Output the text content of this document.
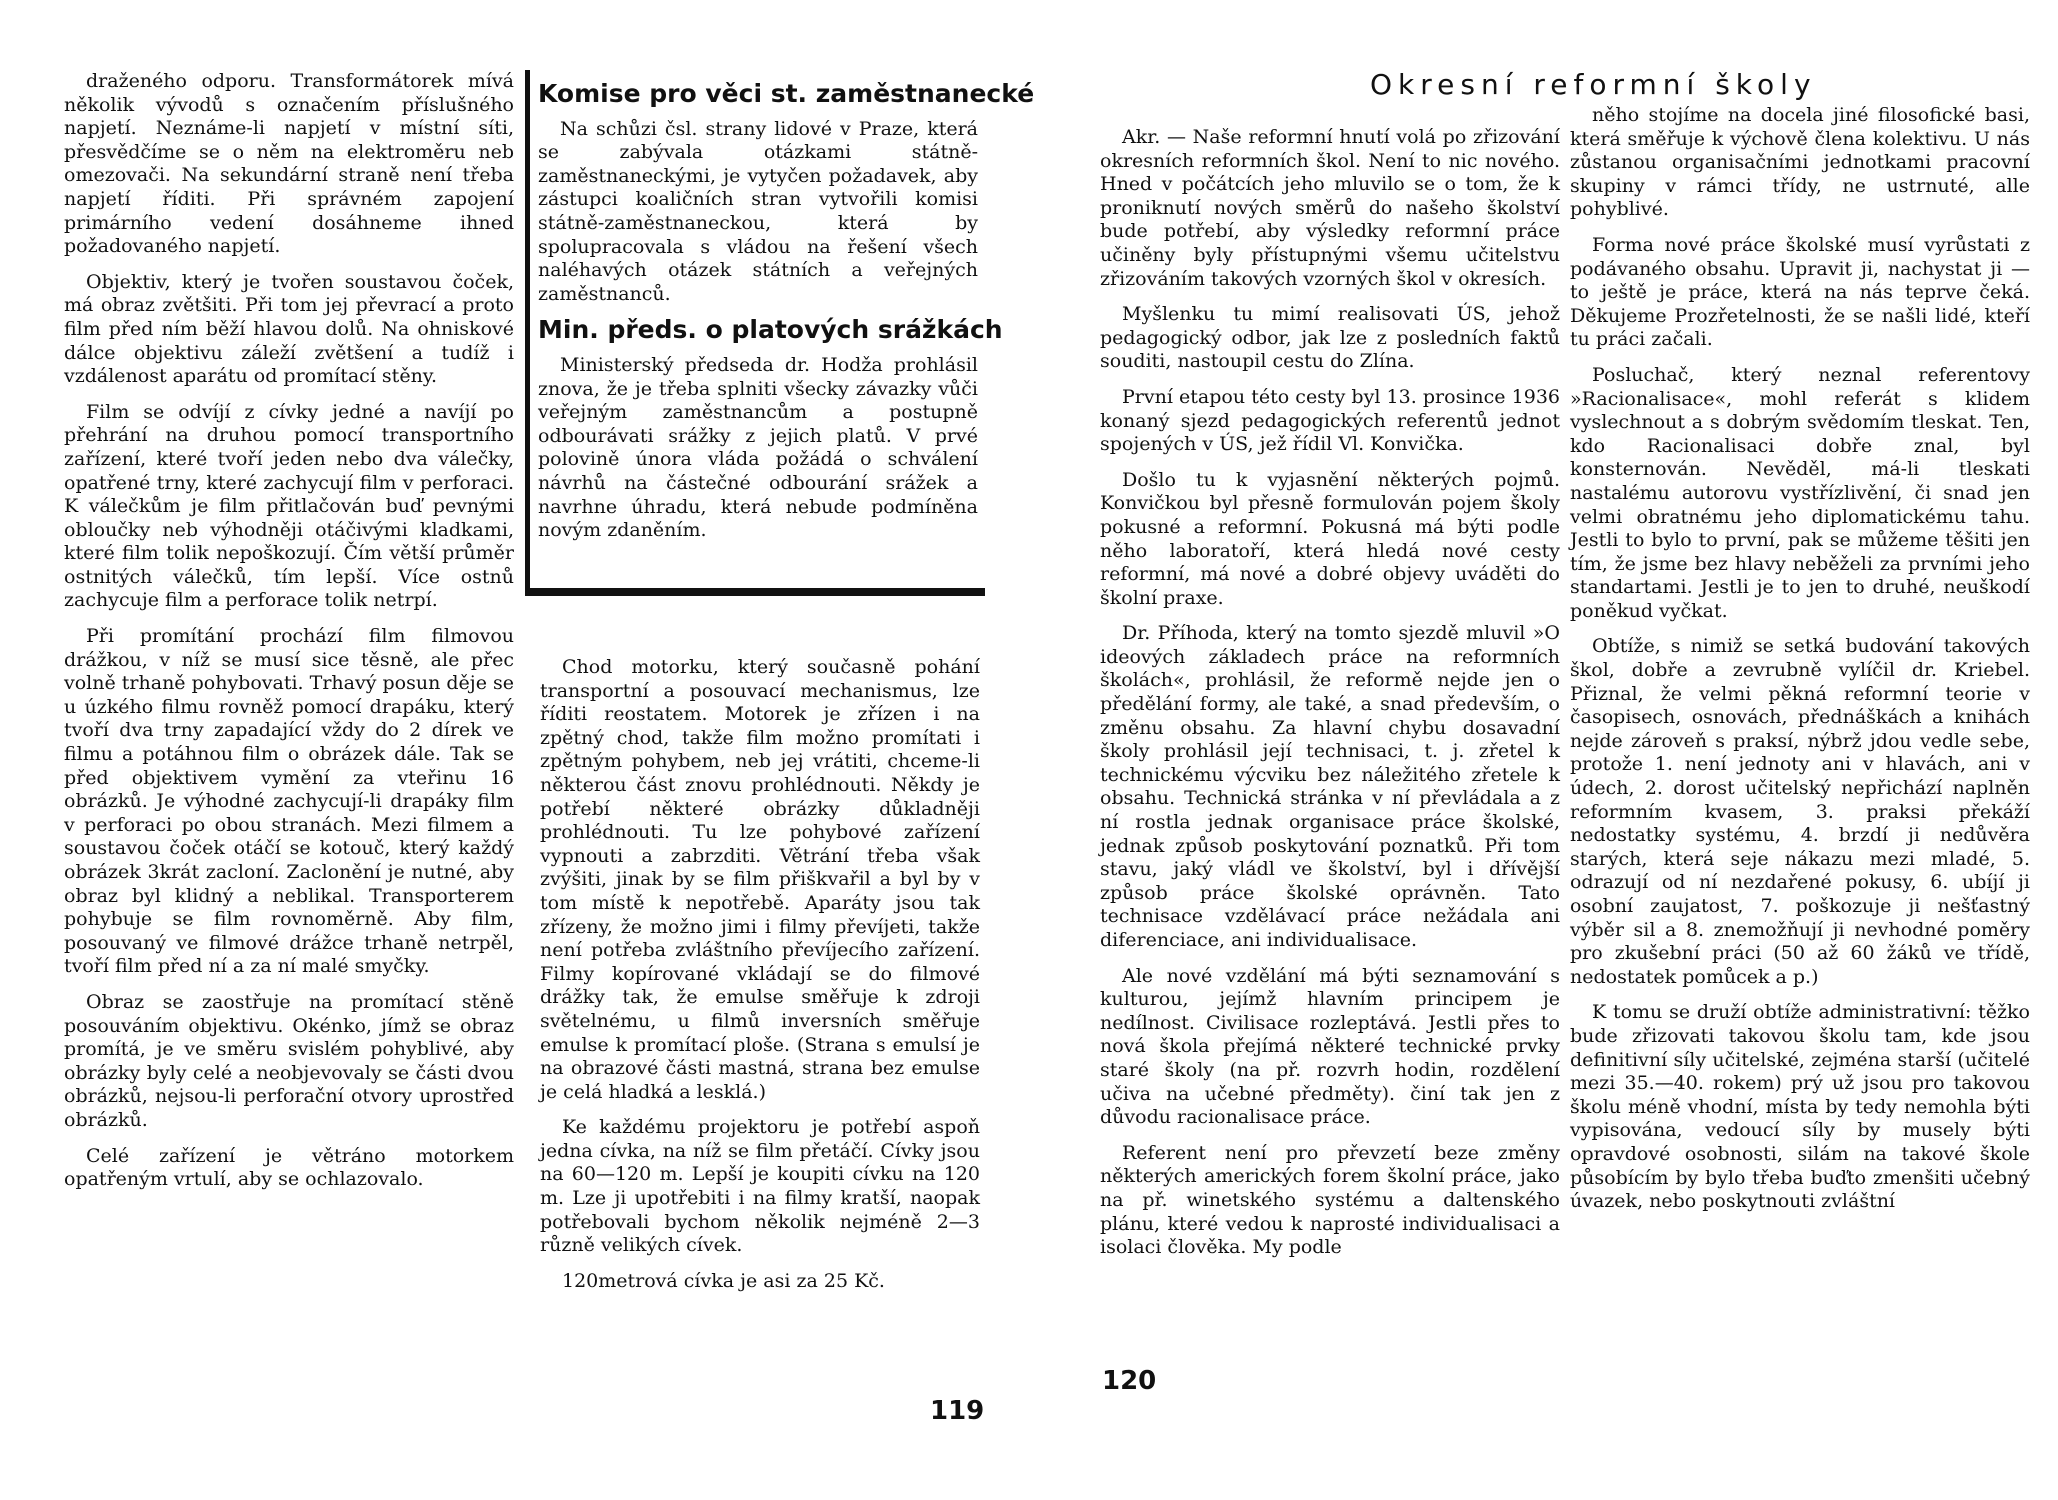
draženého odporu. Transformátorek mívá několik vývodů s označením příslušného napjetí. Neznáme-li napjetí v místní síti, přesvědčíme se o něm na elektroměru neb omezovači. Na sekundární straně není třeba napjetí říditi. Při správném zapojení primárního vedení dosáhneme ihned požadovaného napjetí.

Objektiv, který je tvořen soustavou čoček, má obraz zvětšiti. Při tom jej převrací a proto film před ním běží hlavou dolů. Na ohniskové dálce objektivu záleží zvětšení a tudíž i vzdálenost aparátu od promítací stěny.

Film se odvíjí z cívky jedné a navíjí po přehrání na druhou pomocí transportního zařízení, které tvoří jeden nebo dva válečky, opatřené trny, které zachycují film v perforaci. K válečkům je film přitlačován buď pevnými obloučky neb výhodněji otáčivými kladkami, které film tolik nepoškozují. Čím větší průměr ostnitých válečků, tím lepší. Více ostnů zachycuje film a perforace tolik netrpí.

Při promítání prochází film filmovou drážkou, v níž se musí sice těsně, ale přec volně trhaně pohybovati. Trhavý posun děje se u úzkého filmu rovněž pomocí drapáku, který tvoří dva trny zapadající vždy do 2 dírek ve filmu a potáhnou film o obrázek dále. Tak se před objektivem vymění za vteřinu 16 obrázků. Je výhodné zachycují-li drapáky film v perforaci po obou stranách. Mezi filmem a soustavou čoček otáčí se kotouč, který každý obrázek 3krát zacloní. Zaclonění je nutné, aby obraz byl klidný a neblikal. Transporterem pohybuje se film rovnoměrně. Aby film, posouvaný ve filmové drážce trhaně netrpěl, tvoří film před ní a za ní malé smyčky.

Obraz se zaostřuje na promítací stěně posouváním objektivu. Okénko, jímž se obraz promítá, je ve směru svislém pohyblivé, aby obrázky byly celé a neobjevovaly se části dvou obrázků, nejsou-li perforační otvory uprostřed obrázků.

Celé zařízení je větráno motorkem opatřeným vrtulí, aby se ochlazovalo.

Komise pro věci st. zaměstnanecké

Na schůzi čsl. strany lidové v Praze, která se zabývala otázkami státně-zaměstnaneckými, je vytyčen požadavek, aby zástupci koaličních stran vytvořili komisi státně-zaměstnaneckou, která by spolupracovala s vládou na řešení všech naléhavých otázek státních a veřejných zaměstnanců.

Min. předs. o platových srážkách

Ministerský předseda dr. Hodža prohlásil znova, že je třeba splniti všecky závazky vůči veřejným zaměstnancům a postupně odbourávati srážky z jejich platů. V prvé polovině února vláda požádá o schválení návrhů na částečné odbourání srážek a navrhne úhradu, která nebude podmíněna novým zdaněním.

Chod motorku, který současně pohání transportní a posouvací mechanismus, lze říditi reostatem. Motorek je zřízen i na zpětný chod, takže film možno promítati i zpětným pohybem, neb jej vrátiti, chceme-li některou část znovu prohlédnouti. Někdy je potřebí některé obrázky důkladněji prohlédnouti. Tu lze pohybové zařízení vypnouti a zabrzditi. Větrání třeba však zvýšiti, jinak by se film přiškvařil a byl by v tom místě k nepotřebě. Aparáty jsou tak zřízeny, že možno jimi i filmy převíjeti, takže není potřeba zvláštního převíjecího zařízení. Filmy kopírované vkládají se do filmové drážky tak, že emulse směřuje k zdroji světelnému, u filmů inversních směřuje emulse k promítací ploše. (Strana s emulsí je na obrazové části mastná, strana bez emulse je celá hladká a lesklá.)

Ke každému projektoru je potřebí aspoň jedna cívka, na níž se film přetáčí. Cívky jsou na 60—120 m. Lepší je koupiti cívku na 120 m. Lze ji upotřebiti i na filmy kratší, naopak potřebovali bychom několik nejméně 2—3 různě velikých cívek.

120metrová cívka je asi za 25 Kč.

119
Okresní reformní školy

Akr. — Naše reformní hnutí volá po zřizování okresních reformních škol. Není to nic nového. Hned v počátcích jeho mluvilo se o tom, že k proniknutí nových směrů do našeho školství bude potřebí, aby výsledky reformní práce učiněny byly přístupnými všemu učitelstvu zřizováním takových vzorných škol v okresích.

Myšlenku tu mimí realisovati ÚS, jehož pedagogický odbor, jak lze z posledních faktů souditi, nastoupil cestu do Zlína.

První etapou této cesty byl 13. prosince 1936 konaný sjezd pedagogických referentů jednot spojených v ÚS, jež řídil Vl. Konvička.

Došlo tu k vyjasnění některých pojmů. Konvičkou byl přesně formulován pojem školy pokusné a reformní. Pokusná má býti podle něho laboratoří, která hledá nové cesty reformní, má nové a dobré objevy uváděti do školní praxe.

Dr. Příhoda, který na tomto sjezdě mluvil »O ideových základech práce na reformních školách«, prohlásil, že reformě nejde jen o předělání formy, ale také, a snad především, o změnu obsahu. Za hlavní chybu dosavadní školy prohlásil její technisaci, t. j. zřetel k technickému výcviku bez náležitého zřetele k obsahu. Technická stránka v ní převládala a z ní rostla jednak organisace práce školské, jednak způsob poskytování poznatků. Při tom stavu, jaký vládl ve školství, byl i dřívější způsob práce školské oprávněn. Tato technisace vzdělávací práce nežádala ani diferenciace, ani individualisace.

Ale nové vzdělání má býti seznamování s kulturou, jejímž hlavním principem je nedílnost. Civilisace rozleptává. Jestli přes to nová škola přejímá některé technické prvky staré školy (na př. rozvrh hodin, rozdělení učiva na učebné předměty). činí tak jen z důvodu racionalisace práce.

Referent není pro převzetí beze změny některých amerických forem školní práce, jako na př. winetského systému a daltenského plánu, které vedou k naprosté individualisaci a isolaci člověka. My podle

něho stojíme na docela jiné filosofické basi, která směřuje k výchově člena kolektivu. U nás zůstanou organisačními jednotkami pracovní skupiny v rámci třídy, ne ustrnuté, alle pohyblivé.

Forma nové práce školské musí vyrůstati z podávaného obsahu. Upravit ji, nachystat ji — to ještě je práce, která na nás teprve čeká. Děkujeme Prozřetelnosti, že se našli lidé, kteří tu práci začali.

Posluchač, který neznal referentovy »Racionalisace«, mohl referát s klidem vyslechnout a s dobrým svědomím tleskat. Ten, kdo Racionalisaci dobře znal, byl konsternován. Nevěděl, má-li tleskati nastalému autorovu vystřízlivění, či snad jen velmi obratnému jeho diplomatickému tahu. Jestli to bylo to první, pak se můžeme těšiti jen tím, že jsme bez hlavy neběželi za prvními jeho standartami. Jestli je to jen to druhé, neuškodí poněkud vyčkat.

Obtíže, s nimiž se setká budování takových škol, dobře a zevrubně vylíčil dr. Kriebel. Přiznal, že velmi pěkná reformní teorie v časopisech, osnovách, přednáškách a knihách nejde zároveň s praksí, nýbrž jdou vedle sebe, protože 1. není jednoty ani v hlavách, ani v údech, 2. dorost učitelský nepřichází naplněn reformním kvasem, 3. praksi překáží nedostatky systému, 4. brzdí ji nedůvěra starých, která seje nákazu mezi mladé, 5. odrazují od ní nezdařené pokusy, 6. ubíjí ji osobní zaujatost, 7. poškozuje ji nešťastný výběr sil a 8. znemožňují ji nevhodné poměry pro zkušební práci (50 až 60 žáků ve třídě, nedostatek pomůcek a p.)

K tomu se druží obtíže administrativní: těžko bude zřizovati takovou školu tam, kde jsou definitivní síly učitelské, zejména starší (učitelé mezi 35.—40. rokem) prý už jsou pro takovou školu méně vhodní, místa by tedy nemohla býti vypisována, vedoucí síly by musely býti opravdové osobnosti, silám na takové škole působícím by bylo třeba buďto zmenšiti učebný úvazek, nebo poskytnouti zvláštní

120
